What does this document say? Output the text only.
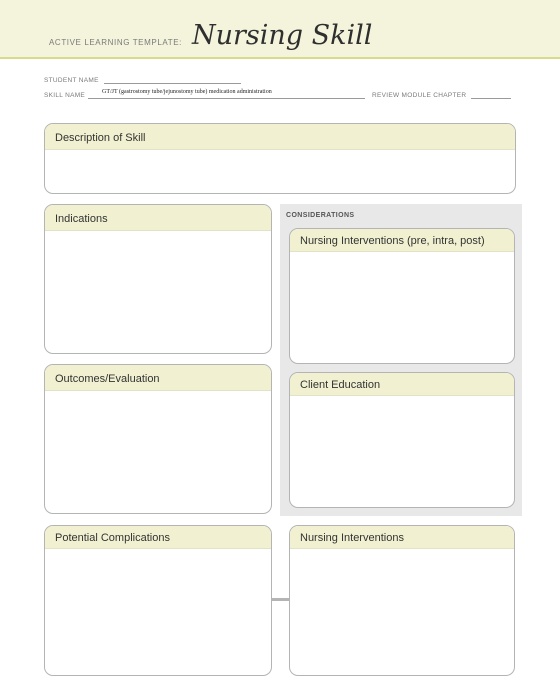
ACTIVE LEARNING TEMPLATE: Nursing Skill
STUDENT NAME
SKILL NAME	GT/JT (gastrostomy tube/jejunostomy tube) medication administration	REVIEW MODULE CHAPTER
Description of Skill
Indications	CONSIDERATIONS
Nursing Interventions (pre, intra, post)
Outcomes/Evaluation	Client Education
Potential Complications	Nursing Interventions
